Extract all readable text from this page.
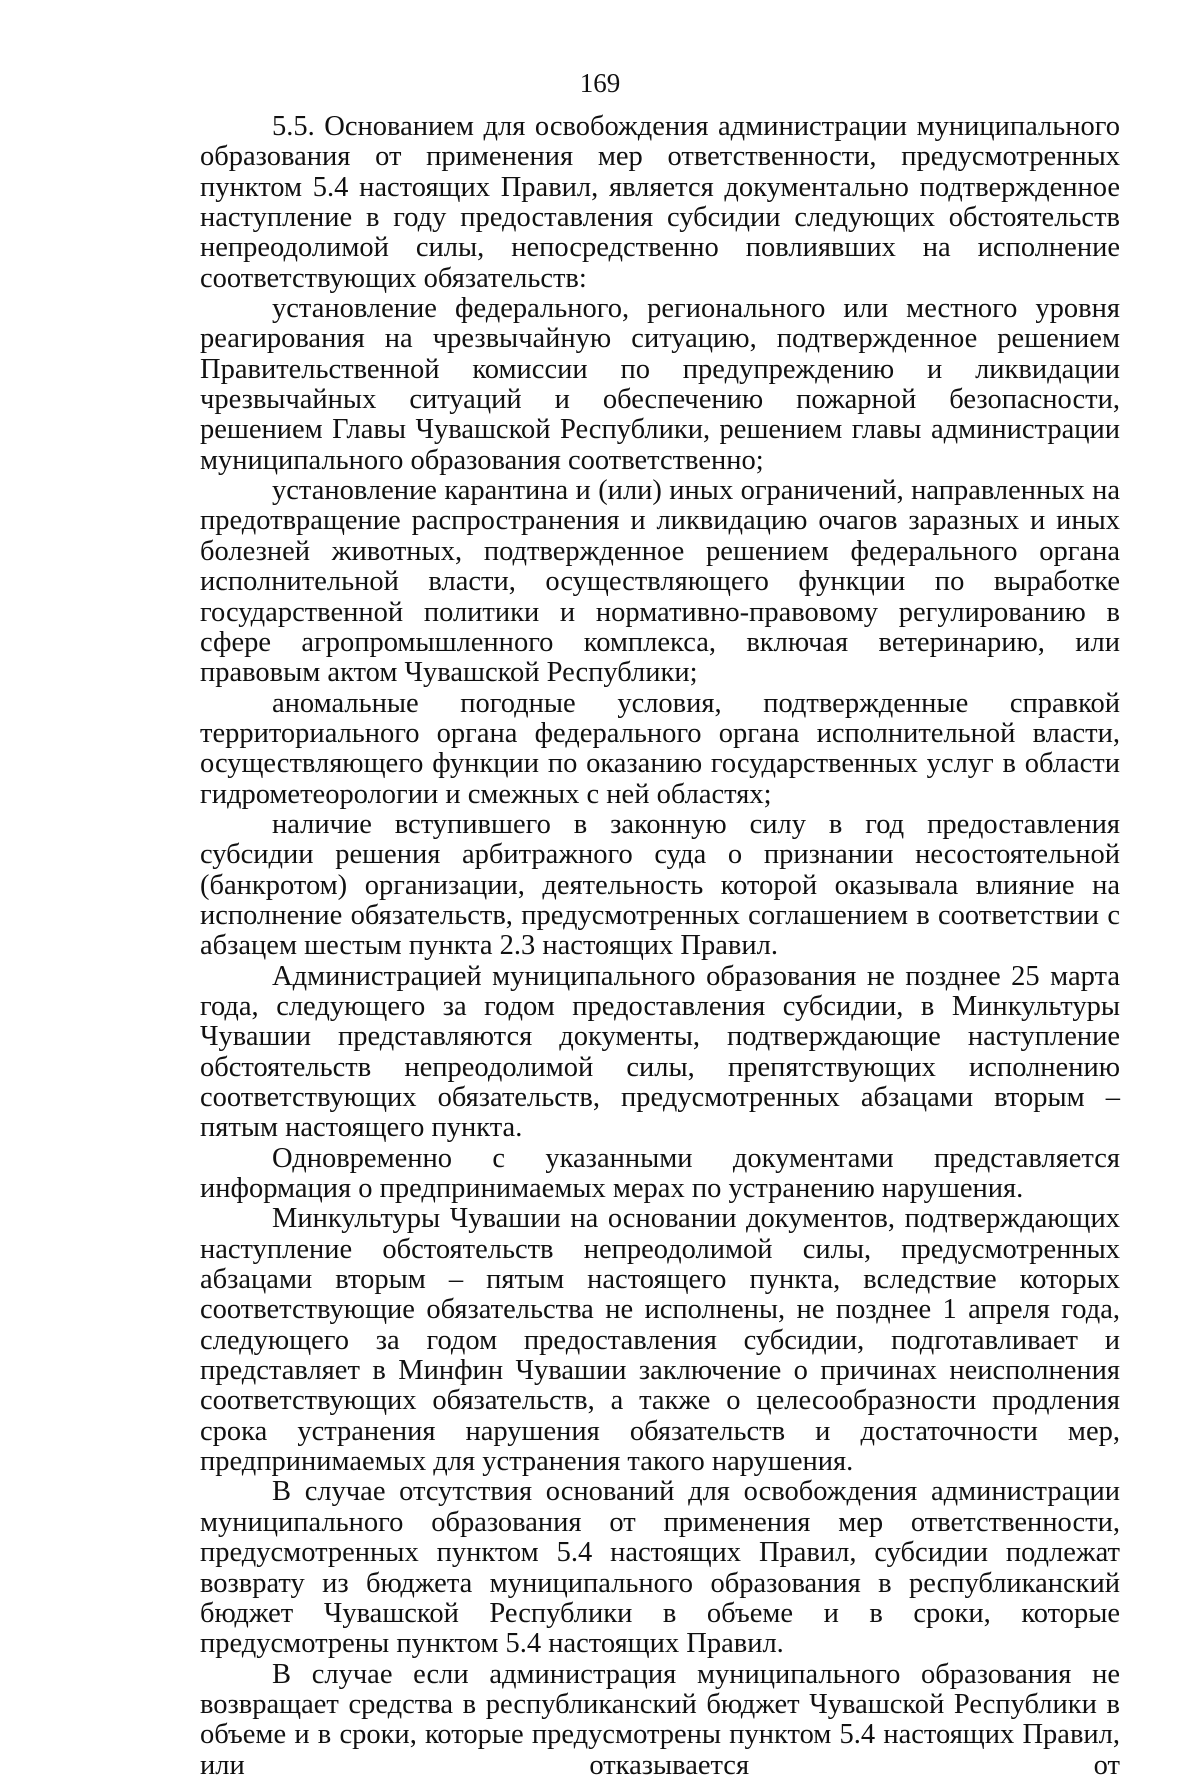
169

5.5. Основанием для освобождения администрации муниципального образования от применения мер ответственности, предусмотренных пунктом 5.4 настоящих Правил, является документально подтвержденное наступление в году предоставления субсидии следующих обстоятельств непреодолимой силы, непосредственно повлиявших на исполнение соответствующих обязательств:

установление федерального, регионального или местного уровня реагирования на чрезвычайную ситуацию, подтвержденное решением Правительственной комиссии по предупреждению и ликвидации чрезвычайных ситуаций и обеспечению пожарной безопасности, решением Главы Чувашской Республики, решением главы администрации муниципального образования соответственно;

установление карантина и (или) иных ограничений, направленных на предотвращение распространения и ликвидацию очагов заразных и иных болезней животных, подтвержденное решением федерального органа исполнительной власти, осуществляющего функции по выработке государственной политики и нормативно-правовому регулированию в сфере агропромышленного комплекса, включая ветеринарию, или правовым актом Чувашской Республики;

аномальные погодные условия, подтвержденные справкой территориального органа федерального органа исполнительной власти, осуществляющего функции по оказанию государственных услуг в области гидрометеорологии и смежных с ней областях;

наличие вступившего в законную силу в год предоставления субсидии решения арбитражного суда о признании несостоятельной (банкротом) организации, деятельность которой оказывала влияние на исполнение обязательств, предусмотренных соглашением в соответствии с абзацем шестым пункта 2.3 настоящих Правил.

Администрацией муниципального образования не позднее 25 марта года, следующего за годом предоставления субсидии, в Минкультуры Чувашии представляются документы, подтверждающие наступление обстоятельств непреодолимой силы, препятствующих исполнению соответствующих обязательств, предусмотренных абзацами вторым – пятым настоящего пункта.

Одновременно с указанными документами представляется информация о предпринимаемых мерах по устранению нарушения.

Минкультуры Чувашии на основании документов, подтверждающих наступление обстоятельств непреодолимой силы, предусмотренных абзацами вторым – пятым настоящего пункта, вследствие которых соответствующие обязательства не исполнены, не позднее 1 апреля года, следующего за годом предоставления субсидии, подготавливает и представляет в Минфин Чувашии заключение о причинах неисполнения соответствующих обязательств, а также о целесообразности продления срока устранения нарушения обязательств и достаточности мер, предпринимаемых для устранения такого нарушения.

В случае отсутствия оснований для освобождения администрации муниципального образования от применения мер ответственности, предусмотренных пунктом 5.4 настоящих Правил, субсидии подлежат возврату из бюджета муниципального образования в республиканский бюджет Чувашской Республики в объеме и в сроки, которые предусмотрены пунктом 5.4 настоящих Правил.

В случае если администрация муниципального образования не возвращает средства в республиканский бюджет Чувашской Республики в объеме и в сроки, которые предусмотрены пунктом 5.4 настоящих Правил, или отказывается от
